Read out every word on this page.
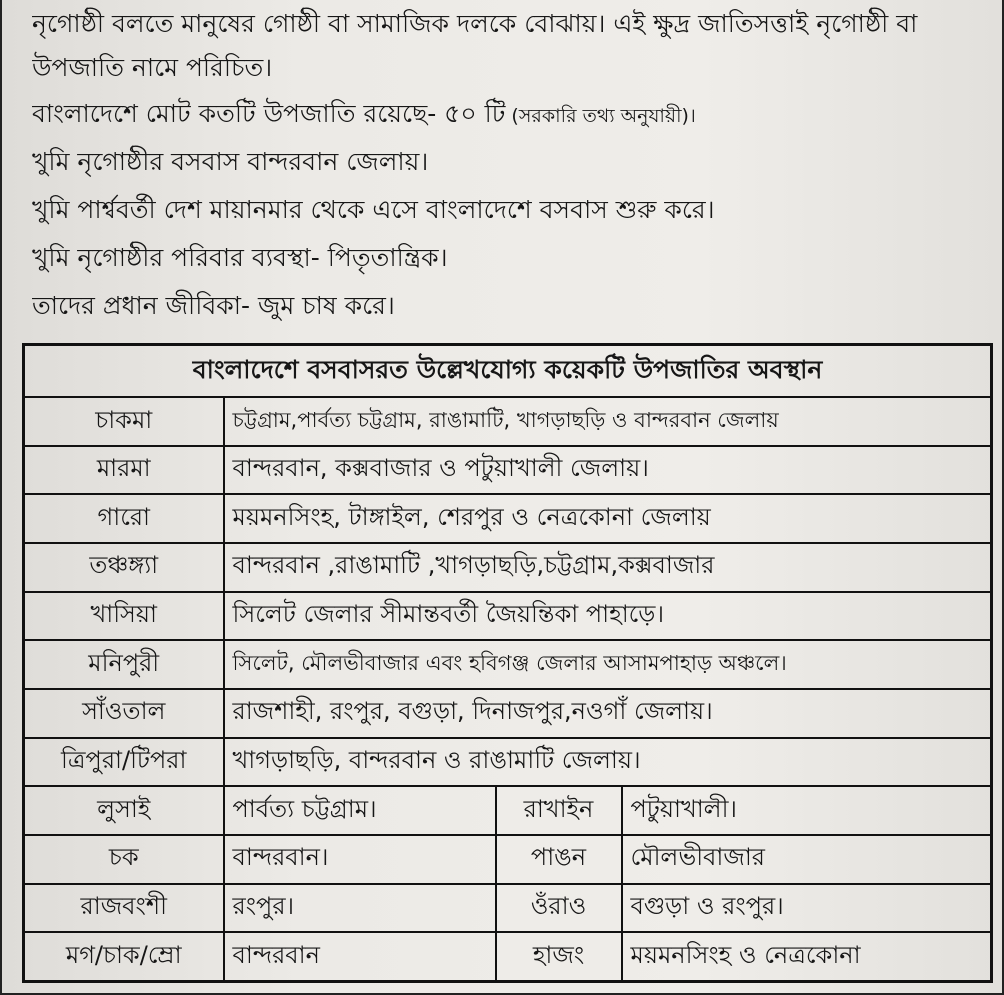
নৃগোষ্ঠী বলতে মানুষের গোষ্ঠী বা সামাজিক দলকে বোঝায়। এই ক্ষুদ্র জাতিসত্তাই নৃগোষ্ঠী বা উপজাতি নামে পরিচিত।

বাংলাদেশে মোট কতটি উপজাতি রয়েছে- ৫০ টি (সরকারি তথ্য অনুযায়ী)।
খুমি নৃগোষ্ঠীর বসবাস বান্দরবান জেলায়।
খুমি পার্শ্ববর্তী দেশ মায়ানমার থেকে এসে বাংলাদেশে বসবাস শুরু করে।
খুমি নৃগোষ্ঠীর পরিবার ব্যবস্থা- পিতৃতান্ত্রিক।
তাদের প্রধান জীবিকা- জুম চাষ করে।
বাংলাদেশে বসবাসরত উল্লেখযোগ্য কয়েকটি উপজাতির অবস্থান			
চাকমা	চট্টগ্রাম,পার্বত্য চট্টগ্রাম, রাঙামাটি, খাগড়াছড়ি ও বান্দরবান জেলায়		
মারমা	বান্দরবান, কক্সবাজার ও পটুয়াখালী জেলায়।		
গারো	ময়মনসিংহ, টাঙ্গাইল, শেরপুর ও নেত্রকোনা জেলায়		
তঞ্চঙ্গ্যা	বান্দরবান ,রাঙামাটি ,খাগড়াছড়ি,চট্টগ্রাম,কক্সবাজার		
খাসিয়া	সিলেট জেলার সীমান্তবর্তী জৈয়ন্তিকা পাহাড়ে।		
মনিপুরী	সিলেট, মৌলভীবাজার এবং হবিগঞ্জ জেলার আসামপাহাড় অঞ্চলে।		
সাঁওতাল	রাজশাহী, রংপুর, বগুড়া, দিনাজপুর,নওগাঁ জেলায়।		
ত্রিপুরা/টিপরা	খাগড়াছড়ি, বান্দরবান ও রাঙামাটি জেলায়।		
লুসাই	পার্বত্য চট্টগ্রাম।	রাখাইন	পটুয়াখালী।
চক	বান্দরবান।	পাঙন	মৌলভীবাজার
রাজবংশী	রংপুর।	ওঁরাও	বগুড়া ও রংপুর।
মগ/চাক/ম্রো	বান্দরবান	হাজং	ময়মনসিংহ ও নেত্রকোনা
